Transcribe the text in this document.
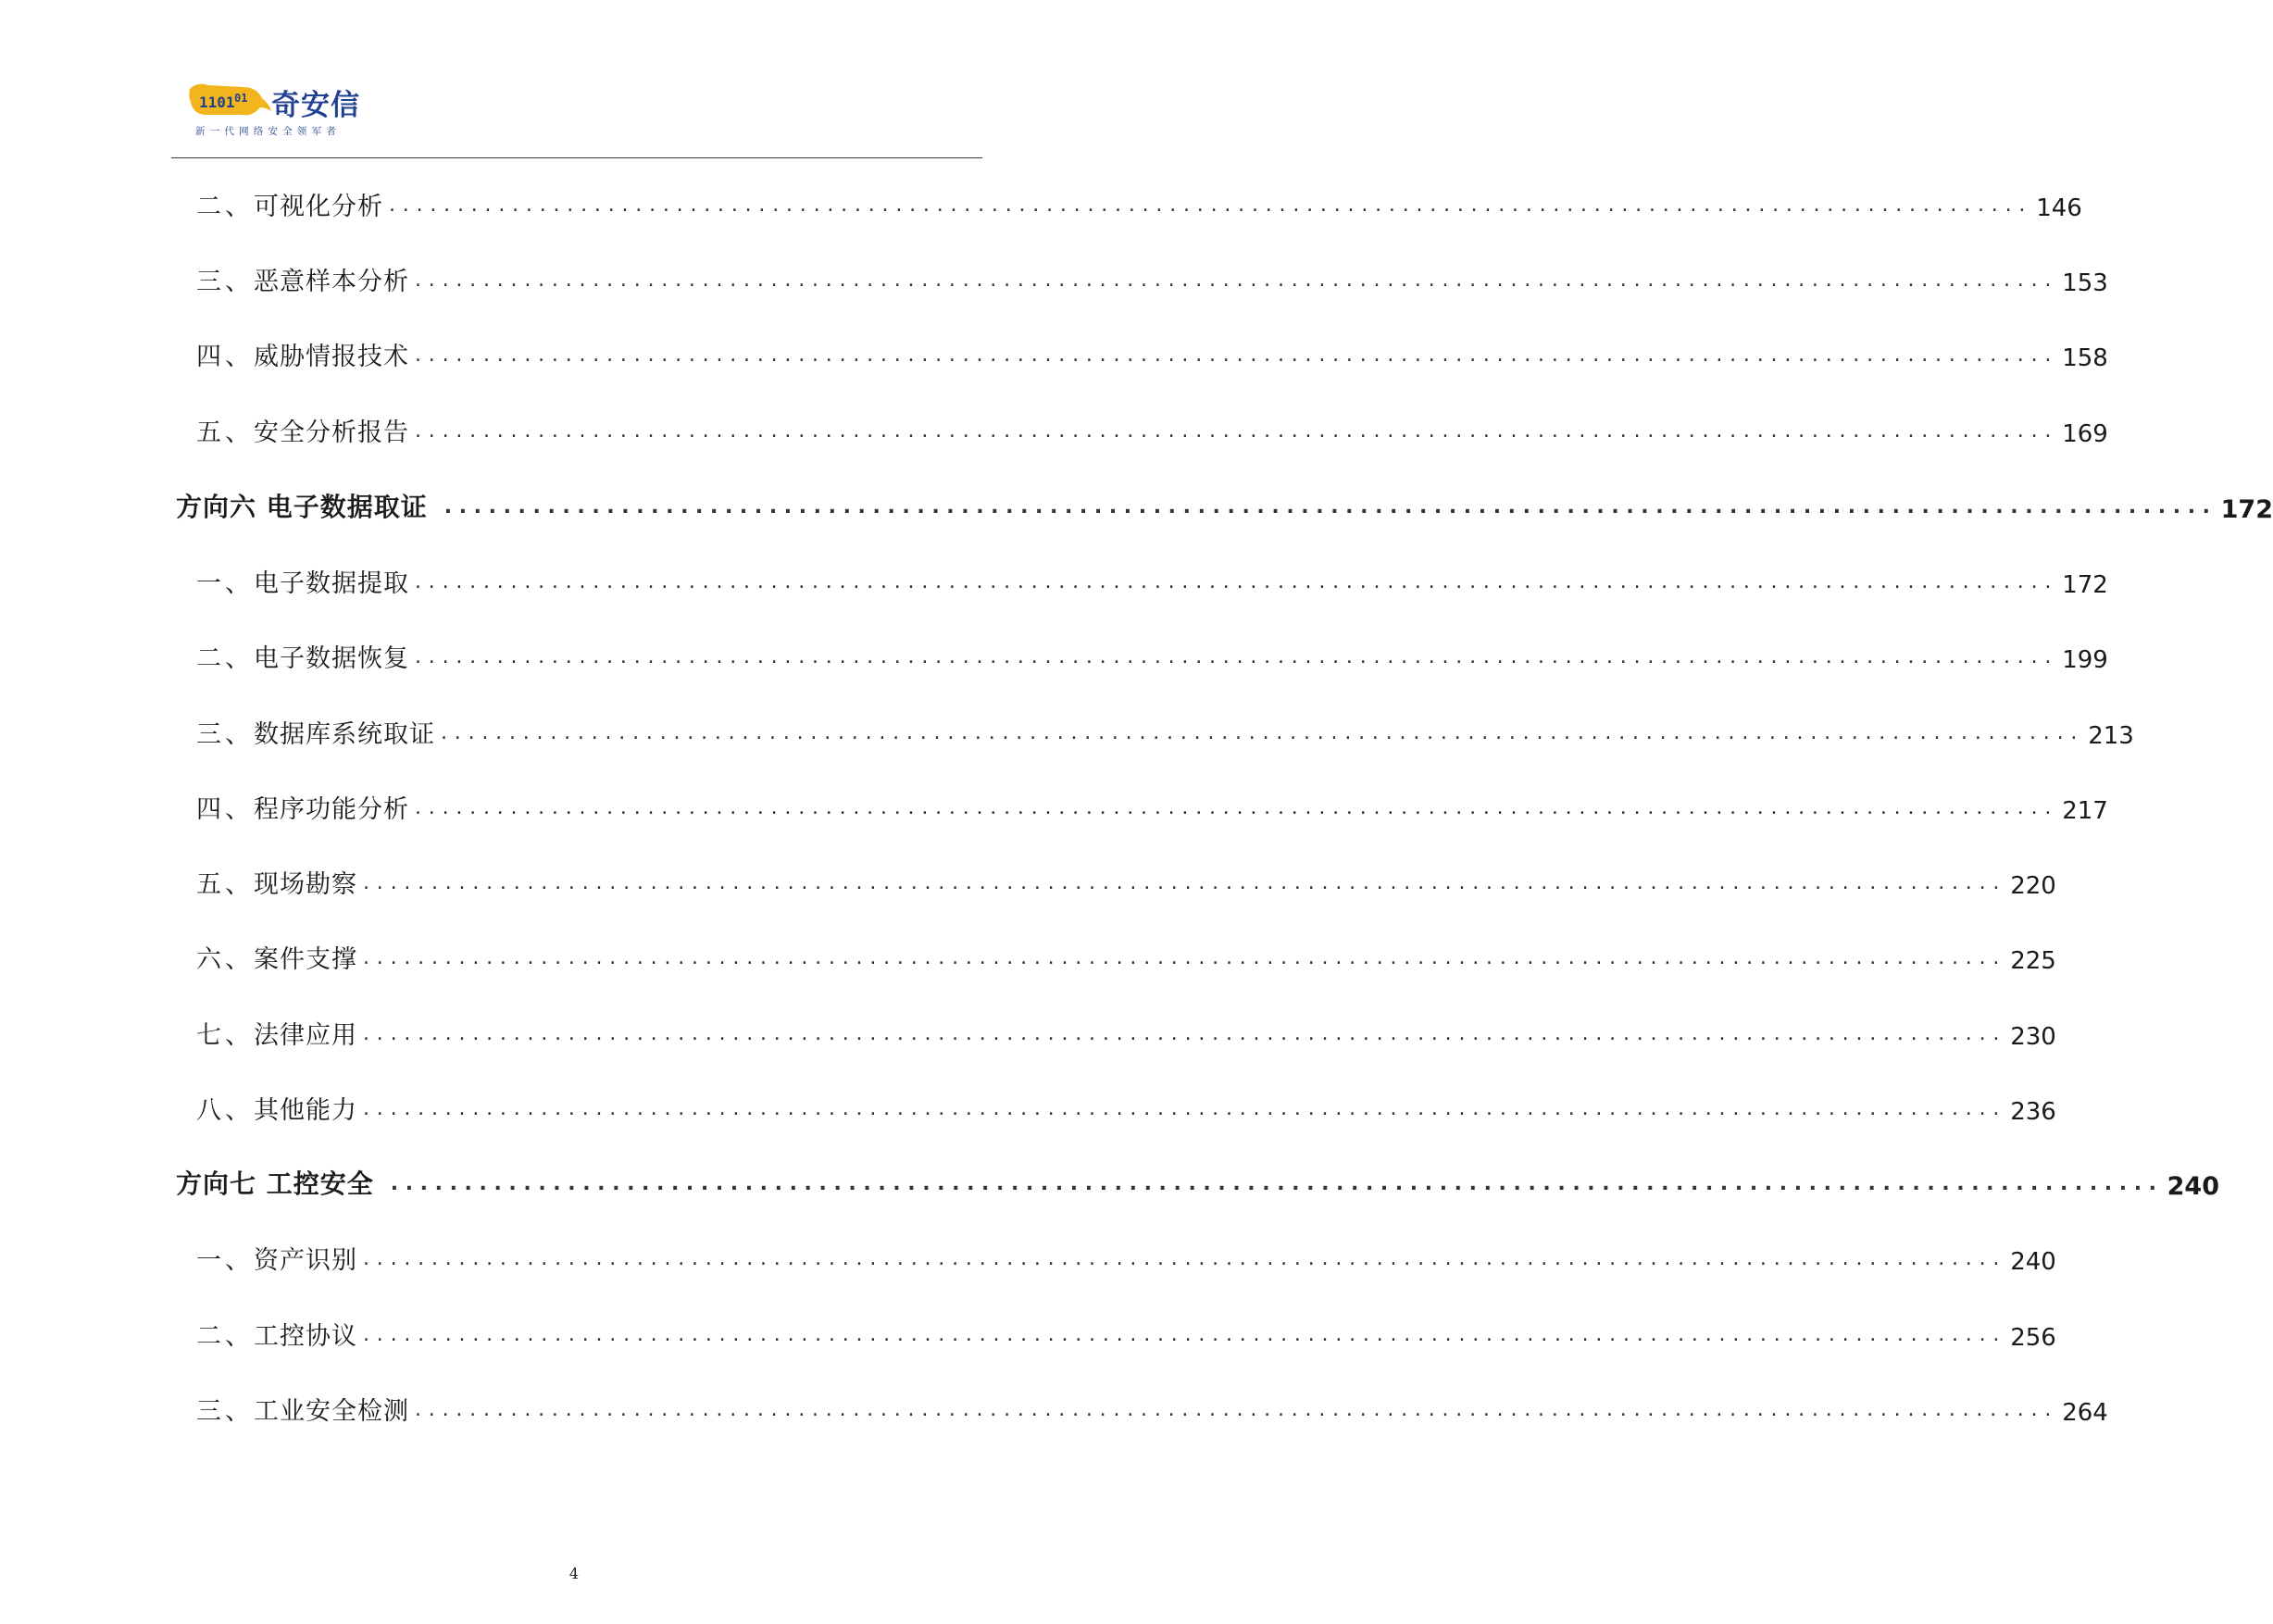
1101 01 奇安信
新一代网络安全领军者
二、 可视化分析 ........................................................................................................................ 146
三、 恶意样本分析 ........................................................................................................................ 153
四、 威胁情报技术 ........................................................................................................................ 158
五、 安全分析报告 ........................................................................................................................ 169
方向六 电子数据取证 ........................................................................................................................ 172
一、 电子数据提取 ........................................................................................................................ 172
二、 电子数据恢复 ........................................................................................................................ 199
三、 数据库系统取证 ........................................................................................................................ 213
四、 程序功能分析 ........................................................................................................................ 217
五、 现场勘察 ........................................................................................................................ 220
六、 案件支撑 ........................................................................................................................ 225
七、 法律应用 ........................................................................................................................ 230
八、 其他能力 ........................................................................................................................ 236
方向七 工控安全 ........................................................................................................................ 240
一、 资产识别 ........................................................................................................................ 240
二、 工控协议 ........................................................................................................................ 256
三、 工业安全检测 ........................................................................................................................ 264
4
